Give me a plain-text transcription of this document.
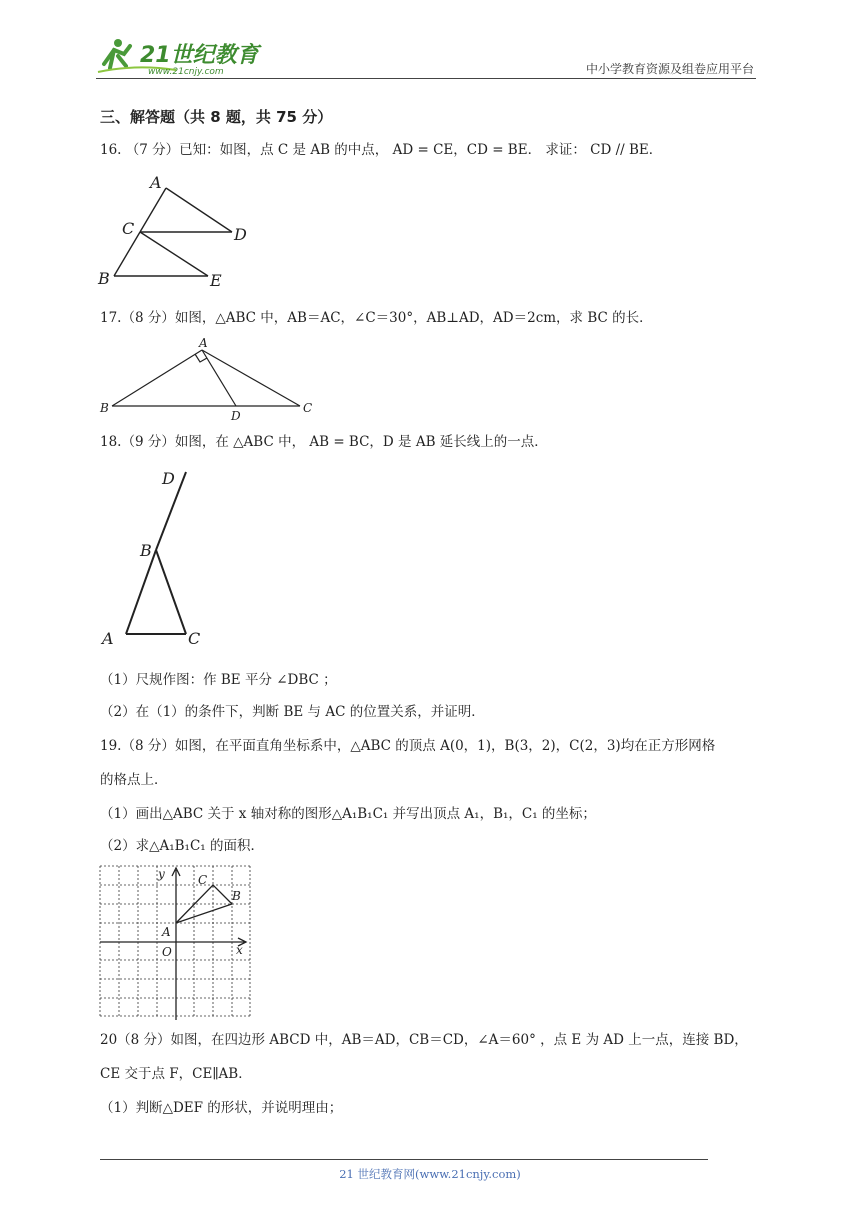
21世纪教育
www.21cnjy.com	中小学教育资源及组卷应用平台
三、解答题（共 8 题，共 75 分）
16. （7 分）已知：如图，点 C 是 AB 的中点， AD = CE，CD = BE． 求证： CD // BE．
A
C	D
B	E
17.（8 分）如图，△ABC 中，AB＝AC，∠C＝30°，AB⊥AD，AD＝2cm，求 BC 的长．
A
B
D
C
18.（9 分）如图，在 △ABC 中， AB = BC，D 是 AB 延长线上的一点．
D
B
A	C
（1）尺规作图：作 BE 平分 ∠DBC ；
（2）在（1）的条件下，判断 BE 与 AC 的位置关系，并证明．
19.（8 分）如图，在平面直角坐标系中，△ABC 的顶点 A(0，1)，B(3，2)，C(2，3)均在正方形网格
的格点上．
（1）画出△ABC 关于 x 轴对称的图形△A₁B₁C₁ 并写出顶点 A₁，B₁，C₁ 的坐标；
（2）求△A₁B₁C₁ 的面积．
y
x
O
A
B
C
20（8 分）如图，在四边形 ABCD 中，AB＝AD，CB＝CD，∠A＝60° ，点 E 为 AD 上一点，连接 BD，
CE 交于点 F，CE∥AB．
（1）判断△DEF 的形状，并说明理由；
21 世纪教育网(www.21cnjy.com)
